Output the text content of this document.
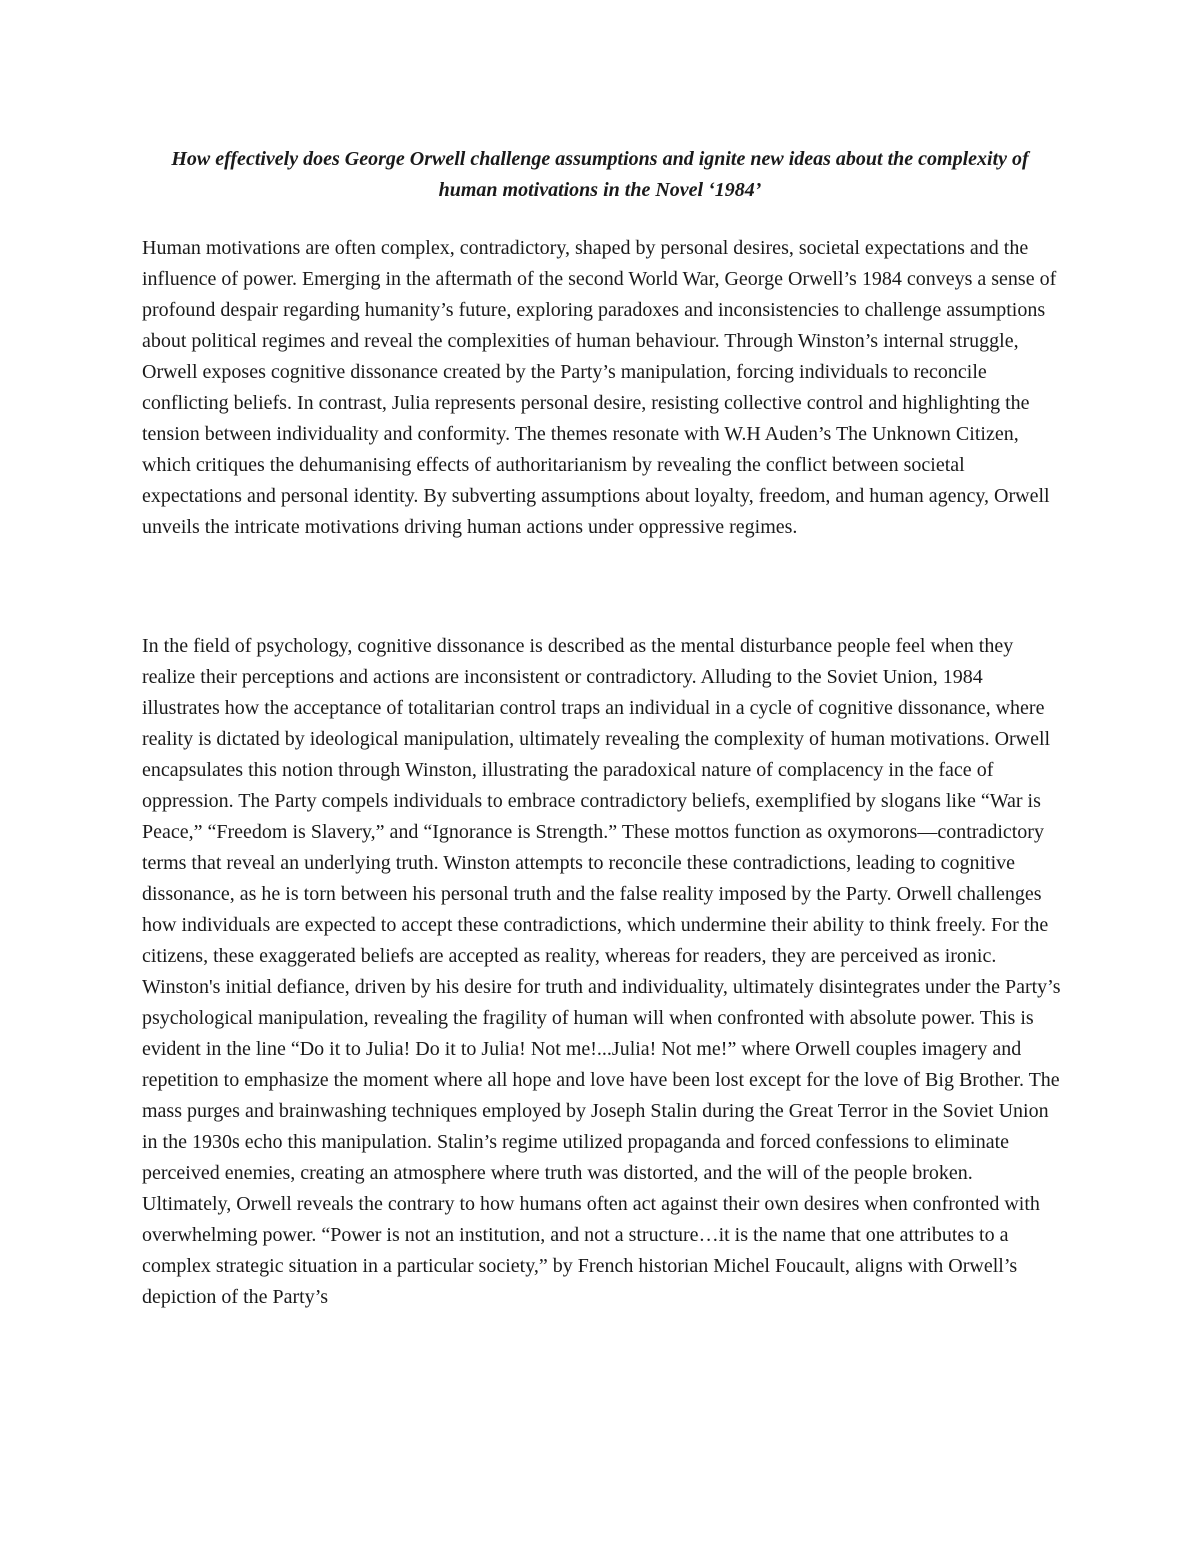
How effectively does George Orwell challenge assumptions and ignite new ideas about the complexity of human motivations in the Novel ‘1984’

Human motivations are often complex, contradictory, shaped by personal desires, societal expectations and the influence of power. Emerging in the aftermath of the second World War, George Orwell’s 1984 conveys a sense of profound despair regarding humanity’s future, exploring paradoxes and inconsistencies to challenge assumptions about political regimes and reveal the complexities of human behaviour. Through Winston’s internal struggle, Orwell exposes cognitive dissonance created by the Party’s manipulation, forcing individuals to reconcile conflicting beliefs. In contrast, Julia represents personal desire, resisting collective control and highlighting the tension between individuality and conformity. The themes resonate with W.H Auden’s The Unknown Citizen, which critiques the dehumanising effects of authoritarianism by revealing the conflict between societal expectations and personal identity. By subverting assumptions about loyalty, freedom, and human agency, Orwell unveils the intricate motivations driving human actions under oppressive regimes.

In the field of psychology, cognitive dissonance is described as the mental disturbance people feel when they realize their perceptions and actions are inconsistent or contradictory. Alluding to the Soviet Union, 1984 illustrates how the acceptance of totalitarian control traps an individual in a cycle of cognitive dissonance, where reality is dictated by ideological manipulation, ultimately revealing the complexity of human motivations. Orwell encapsulates this notion through Winston, illustrating the paradoxical nature of complacency in the face of oppression. The Party compels individuals to embrace contradictory beliefs, exemplified by slogans like “War is Peace,” “Freedom is Slavery,” and “Ignorance is Strength.” These mottos function as oxymorons—contradictory terms that reveal an underlying truth. Winston attempts to reconcile these contradictions, leading to cognitive dissonance, as he is torn between his personal truth and the false reality imposed by the Party. Orwell challenges how individuals are expected to accept these contradictions, which undermine their ability to think freely. For the citizens, these exaggerated beliefs are accepted as reality, whereas for readers, they are perceived as ironic. Winston's initial defiance, driven by his desire for truth and individuality, ultimately disintegrates under the Party’s psychological manipulation, revealing the fragility of human will when confronted with absolute power. This is evident in the line “Do it to Julia! Do it to Julia! Not me!...Julia! Not me!” where Orwell couples imagery and repetition to emphasize the moment where all hope and love have been lost except for the love of Big Brother. The mass purges and brainwashing techniques employed by Joseph Stalin during the Great Terror in the Soviet Union in the 1930s echo this manipulation. Stalin’s regime utilized propaganda and forced confessions to eliminate perceived enemies, creating an atmosphere where truth was distorted, and the will of the people broken. Ultimately, Orwell reveals the contrary to how humans often act against their own desires when confronted with overwhelming power. “Power is not an institution, and not a structure…it is the name that one attributes to a complex strategic situation in a particular society,” by French historian Michel Foucault, aligns with Orwell’s depiction of the Party’s
